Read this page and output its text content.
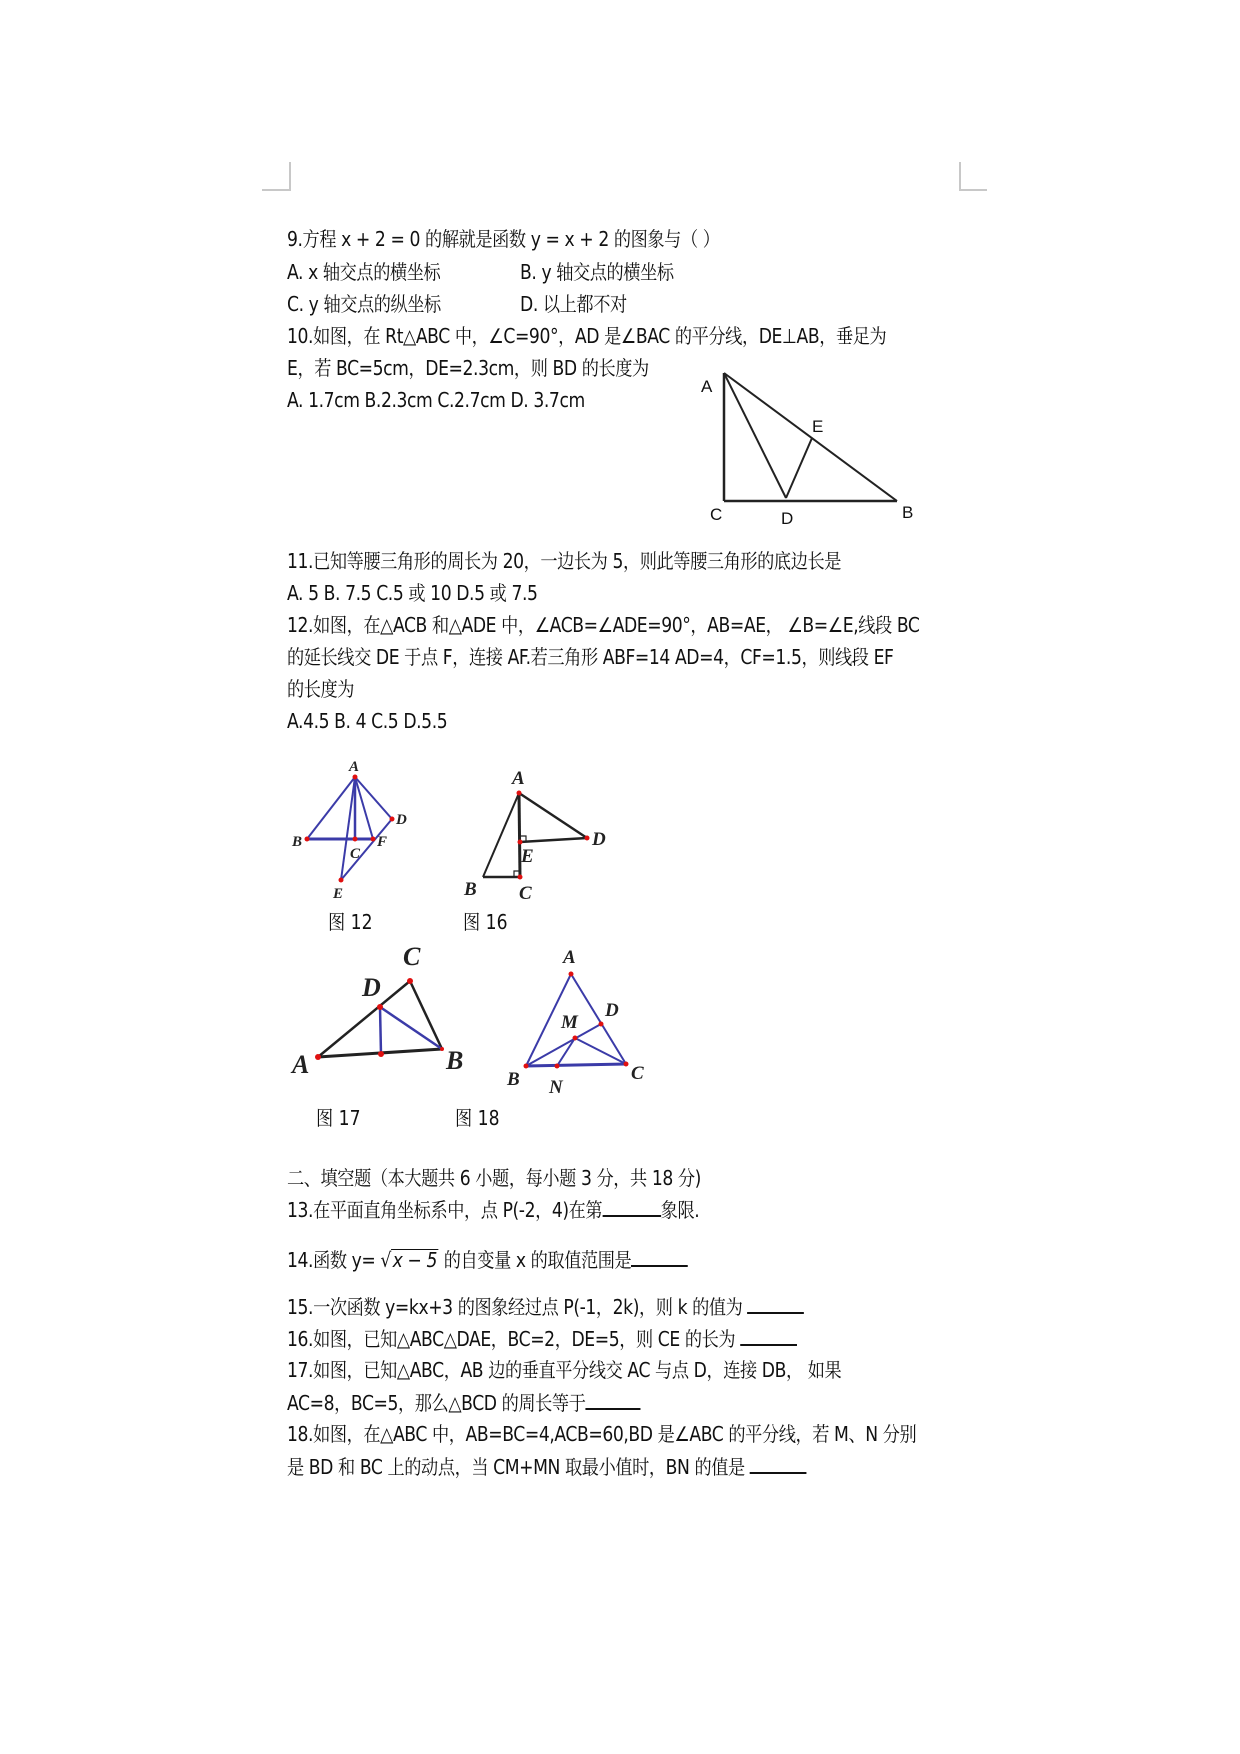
9.方程 x + 2 = 0 的解就是函数 y = x + 2 的图象与（ ）
A. x 轴交点的横坐标	B. y 轴交点的横坐标
C. y 轴交点的纵坐标	D. 以上都不对
10.如图，在 Rt△ABC 中，∠C=90°，AD 是∠BAC 的平分线，DE⊥AB，垂足为
E，若 BC=5cm，DE=2.3cm，则 BD 的长度为
A. 1.7cm B.2.3cm C.2.7cm D. 3.7cm
A
E
C	D	B
11.已知等腰三角形的周长为 20，一边长为 5，则此等腰三角形的底边长是
A. 5 B. 7.5 C.5 或 10 D.5 或 7.5
12.如图，在△ACB 和△ADE 中，∠ACB=∠ADE=90°，AB=AE， ∠B=∠E,线段 BC
的延长线交 DE 于点 F，连接 AF.若三角形 ABF=14 AD=4，CF=1.5，则线段 EF
的长度为
A.4.5 B. 4 C.5 D.5.5
A
B
C
D
E
F
A
B C
D
E
C
D
A	B
A
B	C
D
M
N
图 12	图 16
图 17	图 18
二、填空题（本大题共 6 小题，每小题 3 分，共 18 分)
13.在平面直角坐标系中，点 P(-2，4)在第	象限.
14.函数 y= √x − 5 的自变量 x 的取值范围是
15.一次函数 y=kx+3 的图象经过点 P(-1，2k)，则 k 的值为
16.如图，已知△ABC△DAE，BC=2，DE=5，则 CE 的长为
17.如图，已知△ABC，AB 边的垂直平分线交 AC 与点 D，连接 DB， 如果
AC=8，BC=5，那么△BCD 的周长等于
18.如图，在△ABC 中，AB=BC=4,ACB=60,BD 是∠ABC 的平分线，若 M、N 分别
是 BD 和 BC 上的动点，当 CM+MN 取最小值时，BN 的值是
